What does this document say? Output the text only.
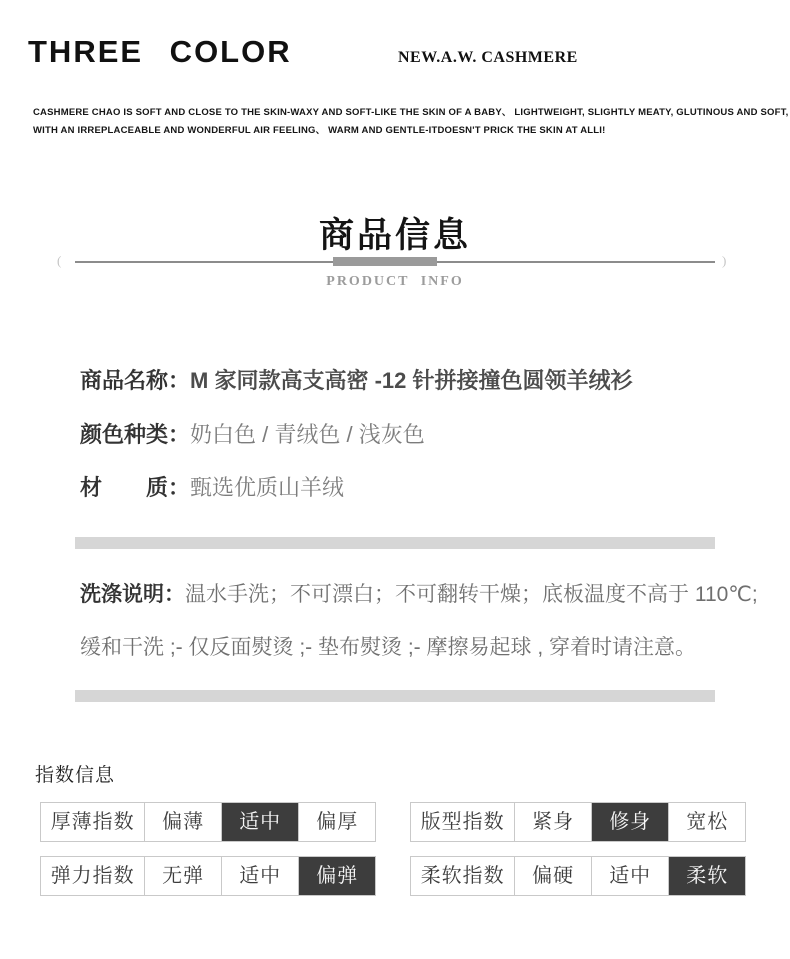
THREE COLOR	NEW.A.W. CASHMERE
CASHMERE CHAO IS SOFT AND CLOSE TO THE SKIN-WAXY AND SOFT-LIKE THE SKIN OF A BABY、 LIGHTWEIGHT, SLIGHTLY MEATY, GLUTINOUS AND SOFT,
WITH AN IRREPLACEABLE AND WONDERFUL AIR FEELING、 WARM AND GENTLE-ITDOESN'T PRICK THE SKIN AT ALLI!
商品信息
(	)
PRODUCT INFO
商品名称：M 家同款高支高密 -12 针拼接撞色圆领羊绒衫
颜色种类：奶白色 / 青绒色 / 浅灰色
材　　质：甄选优质山羊绒
洗涤说明：温水手洗；不可漂白；不可翻转干燥；底板温度不高于 110℃;
缓和干洗 ;- 仅反面熨烫 ;- 垫布熨烫 ;- 摩擦易起球 , 穿着时请注意。
指数信息
厚薄指数	偏薄	适中	偏厚	版型指数	紧身	修身	宽松
弹力指数	无弹	适中	偏弹	柔软指数	偏硬	适中	柔软
